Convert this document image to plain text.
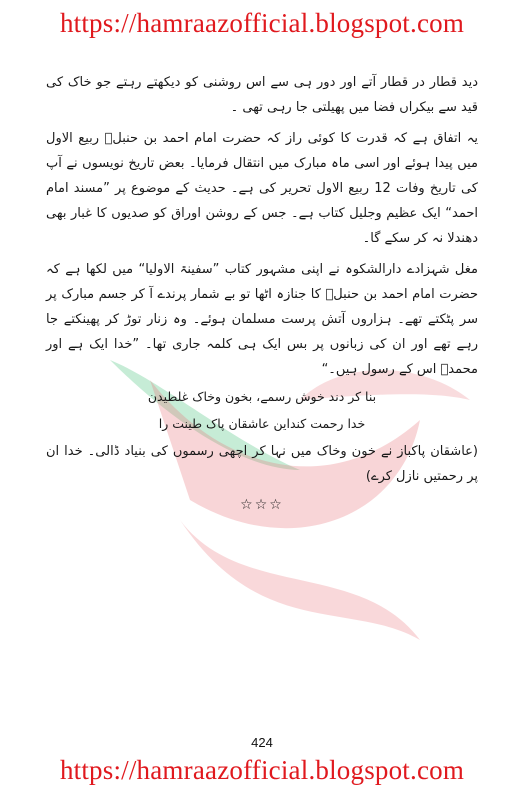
https://hamraazofficial.blogspot.com

دید قطار در قطار آتے اور دور ہی سے اس روشنی کو دیکھتے رہتے جو خاک کی قید سے بیکراں فضا میں پھیلتی جا رہی تھی ۔

یہ اتفاق ہے کہ قدرت کا کوئی راز کہ حضرت امام احمد بن حنبلؒ ربیع الاول میں پیدا ہوئے اور اسی ماہ مبارک میں انتقال فرمایا۔ بعض تاریخ نویسوں نے آپ کی تاریخ وفات 12 ربیع الاول تحریر کی ہے۔ حدیث کے موضوع پر ”مسند امام احمد“ ایک عظیم وجلیل کتاب ہے۔ جس کے روشن اوراق کو صدیوں کا غبار بھی دھندلا نہ کر سکے گا۔

مغل شہزادے دارالشکوہ نے اپنی مشہور کتاب ”سفینۃ الاولیا“ میں لکھا ہے کہ حضرت امام احمد بن حنبلؒ کا جنازہ اٹھا تو بے شمار پرندے آ کر جسم مبارک پر سر پٹکتے تھے۔ ہزاروں آتش پرست مسلمان ہوئے۔ وہ زنار توڑ کر پھینکتے جا رہے تھے اور ان کی زبانوں پر بس ایک ہی کلمہ جاری تھا۔ ”خدا ایک ہے اور محمدؐ اس کے رسول ہیں۔“

بنا کر دند خوش رسمے، بخون وخاک غلطیدن
خدا رحمت کنداین عاشقان پاک طینت را

(عاشقان پاکباز نے خون وخاک میں نہا کر اچھی رسموں کی بنیاد ڈالی۔ خدا ان پر رحمتیں نازل کرے)

☆☆☆
424
https://hamraazofficial.blogspot.com
